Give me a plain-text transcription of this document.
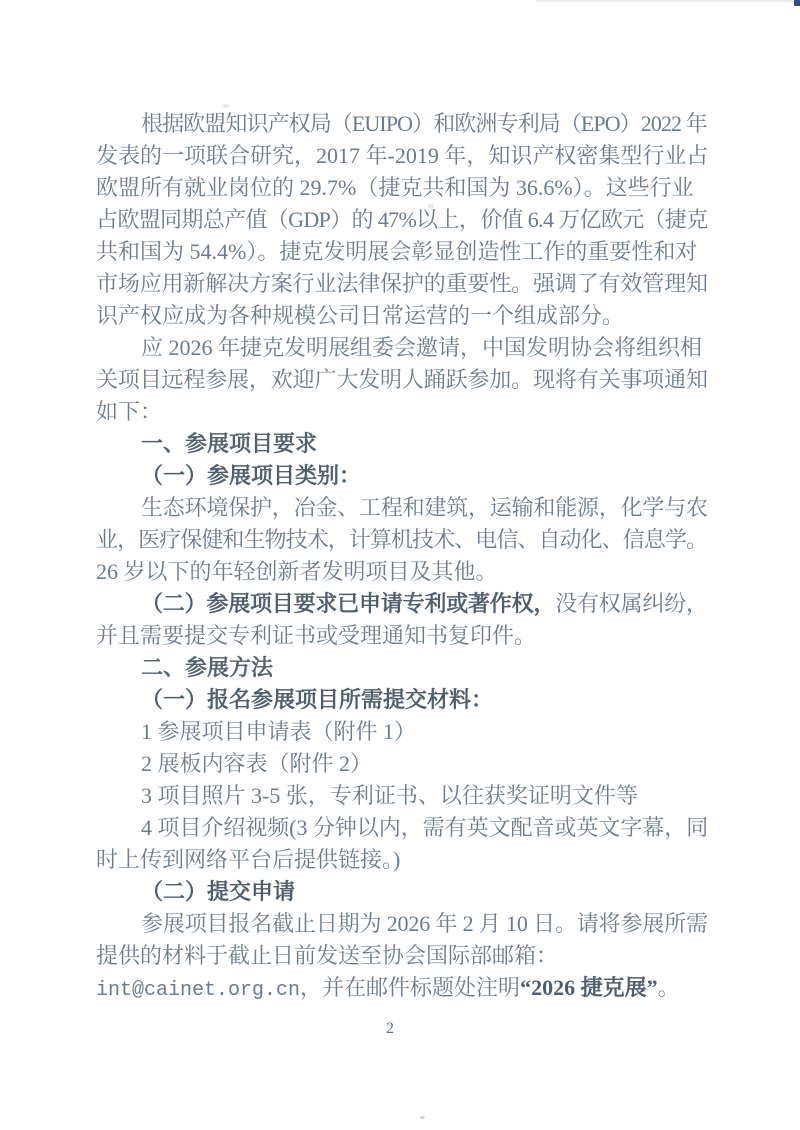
根据欧盟知识产权局（EUIPO）和欧洲专利局（EPO）2022 年
发表的一项联合研究，2017 年-2019 年，知识产权密集型行业占
欧盟所有就业岗位的 29.7%（捷克共和国为 36.6%）。这些行业
占欧盟同期总产值（GDP）的 47%以上，价值 6.4 万亿欧元（捷克
共和国为 54.4%）。捷克发明展会彰显创造性工作的重要性和对
市场应用新解决方案行业法律保护的重要性。强调了有效管理知
识产权应成为各种规模公司日常运营的一个组成部分。
应 2026 年捷克发明展组委会邀请，中国发明协会将组织相
关项目远程参展，欢迎广大发明人踊跃参加。现将有关事项通知
如下：
一、参展项目要求
（一）参展项目类别：
生态环境保护，冶金、工程和建筑，运输和能源，化学与农
业，医疗保健和生物技术，计算机技术、电信、自动化、信息学。
26 岁以下的年轻创新者发明项目及其他。
（二）参展项目要求已申请专利或著作权，没有权属纠纷，
并且需要提交专利证书或受理通知书复印件。
二、参展方法
（一）报名参展项目所需提交材料：
1 参展项目申请表（附件 1）
2 展板内容表（附件 2）
3 项目照片 3-5 张，专利证书、以往获奖证明文件等
4 项目介绍视频(3 分钟以内，需有英文配音或英文字幕，同
时上传到网络平台后提供链接。)
（二）提交申请
参展项目报名截止日期为 2026 年 2 月 10 日。请将参展所需
提供的材料于截止日前发送至协会国际部邮箱：
int@cainet.org.cn，并在邮件标题处注明“2026 捷克展”。
2
